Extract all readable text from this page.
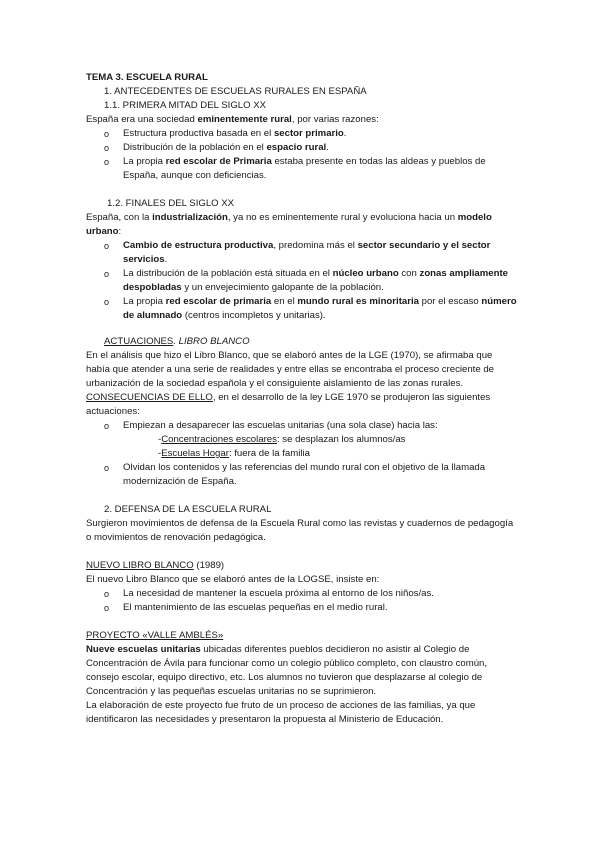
TEMA 3. ESCUELA RURAL

1. ANTECEDENTES DE ESCUELAS RURALES EN ESPAÑA

1.1. PRIMERA MITAD DEL SIGLO XX

España era una sociedad eminentemente rural, por varias razones:

o Estructura productiva basada en el sector primario.
o Distribución de la población en el espacio rural.
o La propia red escolar de Primaria estaba presente en todas las aldeas y pueblos de España, aunque con deficiencias.

1.2. FINALES DEL SIGLO XX

España, con la industrialización, ya no es eminentemente rural y evoluciona hacia un modelo urbano:

o Cambio de estructura productiva, predomina más el sector secundario y el sector servicios.
o La distribución de la población está situada en el núcleo urbano con zonas ampliamente despobladas y un envejecimiento galopante de la población.
o La propia red escolar de primaria en el mundo rural es minoritaria por el escaso número de alumnado (centros incompletos y unitarias).

ACTUACIONES. LIBRO BLANCO

En el análisis que hizo el Libro Blanco, que se elaboró antes de la LGE (1970), se afirmaba que había que atender a una serie de realidades y entre ellas se encontraba el proceso creciente de urbanización de la sociedad española y el consiguiente aislamiento de las zonas rurales.

CONSECUENCIAS DE ELLO, en el desarrollo de la ley LGE 1970 se produjeron las siguientes actuaciones:

o Empiezan a desaparecer las escuelas unitarias (una sola clase) hacia las:

-Concentraciones escolares: se desplazan los alumnos/as

-Escuelas Hogar: fuera de la familia

o Olvidan los contenidos y las referencias del mundo rural con el objetivo de la llamada modernización de España.

2. DEFENSA DE LA ESCUELA RURAL

Surgieron movimientos de defensa de la Escuela Rural como las revistas y cuadernos de pedagogía o movimientos de renovación pedagógica.

NUEVO LIBRO BLANCO (1989)

El nuevo Libro Blanco que se elaboró antes de la LOGSE, insiste en:

o La necesidad de mantener la escuela próxima al entorno de los niños/as.
o El mantenimiento de las escuelas pequeñas en el medio rural.

PROYECTO «VALLE AMBLÉS»

Nueve escuelas unitarias ubicadas diferentes pueblos decidieron no asistir al Colegio de Concentración de Ávila para funcionar como un colegio público completo, con claustro común, consejo escolar, equipo directivo, etc. Los alumnos no tuvieron que desplazarse al colegio de Concentración y las pequeñas escuelas unitarias no se suprimieron.

La elaboración de este proyecto fue fruto de un proceso de acciones de las familias, ya que identificaron las necesidades y presentaron la propuesta al Ministerio de Educación.
